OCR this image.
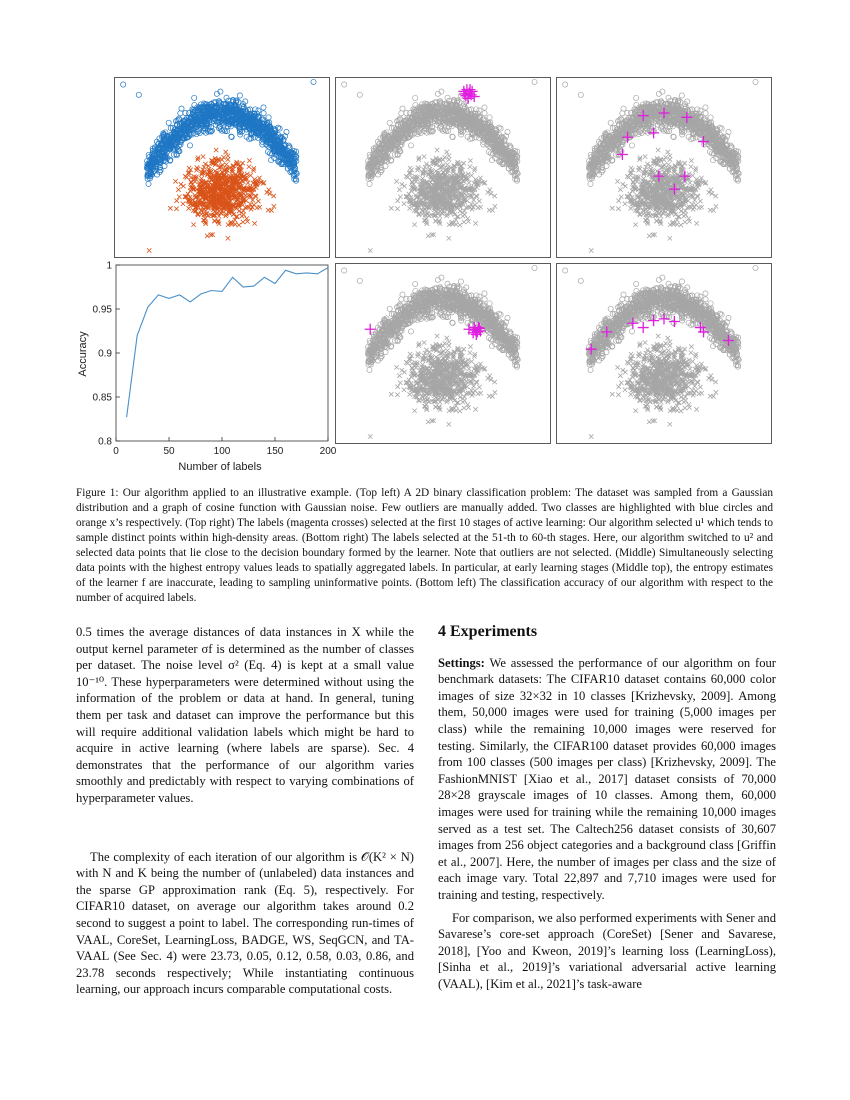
0.8
0.85
0.9
0.95
1
0	50	100	150	200
Number of labels
Accuracy
Figure 1: Our algorithm applied to an illustrative example. (Top left) A 2D binary classification problem: The dataset was sampled from a Gaussian distribution and a graph of cosine function with Gaussian noise. Few outliers are manually added. Two classes are highlighted with blue circles and orange x’s respectively. (Top right) The labels (magenta crosses) selected at the first 10 stages of active learning: Our algorithm selected u¹ which tends to sample distinct points within high-density areas. (Bottom right) The labels selected at the 51-th to 60-th stages. Here, our algorithm switched to u² and selected data points that lie close to the decision boundary formed by the learner. Note that outliers are not selected. (Middle) Simultaneously selecting data points with the highest entropy values leads to spatially aggregated labels. In particular, at early learning stages (Middle top), the entropy estimates of the learner f are inaccurate, leading to sampling uninformative points. (Bottom left) The classification accuracy of our algorithm with respect to the number of acquired labels.

0.5 times the average distances of data instances in X while the output kernel parameter σf is determined as the number of classes per dataset. The noise level σ² (Eq. 4) is kept at a small value 10⁻¹⁰. These hyperparameters were determined without using the information of the problem or data at hand. In general, tuning them per task and dataset can improve the performance but this will require additional validation labels which might be hard to acquire in active learning (where labels are sparse). Sec. 4 demonstrates that the performance of our algorithm varies smoothly and predictably with respect to varying combinations of hyperparameter values.

The complexity of each iteration of our algorithm is 𝒪(K² × N) with N and K being the number of (unlabeled) data instances and the sparse GP approximation rank (Eq. 5), respectively. For CIFAR10 dataset, on average our algorithm takes around 0.2 second to suggest a point to label. The corresponding run-times of VAAL, CoreSet, LearningLoss, BADGE, WS, SeqGCN, and TA-VAAL (See Sec. 4) were 23.73, 0.05, 0.12, 0.58, 0.03, 0.86, and 23.78 seconds respectively; While instantiating continuous learning, our approach incurs comparable computational costs.

4 Experiments

Settings: We assessed the performance of our algorithm on four benchmark datasets: The CIFAR10 dataset contains 60,000 color images of size 32×32 in 10 classes [Krizhevsky, 2009]. Among them, 50,000 images were used for training (5,000 images per class) while the remaining 10,000 images were reserved for testing. Similarly, the CIFAR100 dataset provides 60,000 images from 100 classes (500 images per class) [Krizhevsky, 2009]. The FashionMNIST [Xiao et al., 2017] dataset consists of 70,000 28×28 grayscale images of 10 classes. Among them, 60,000 images were used for training while the remaining 10,000 images served as a test set. The Caltech256 dataset consists of 30,607 images from 256 object categories and a background class [Griffin et al., 2007]. Here, the number of images per class and the size of each image vary. Total 22,897 and 7,710 images were used for training and testing, respectively.

For comparison, we also performed experiments with Sener and Savarese’s core-set approach (CoreSet) [Sener and Savarese, 2018], [Yoo and Kweon, 2019]’s learning loss (LearningLoss), [Sinha et al., 2019]’s variational adversarial active learning (VAAL), [Kim et al., 2021]’s task-aware
